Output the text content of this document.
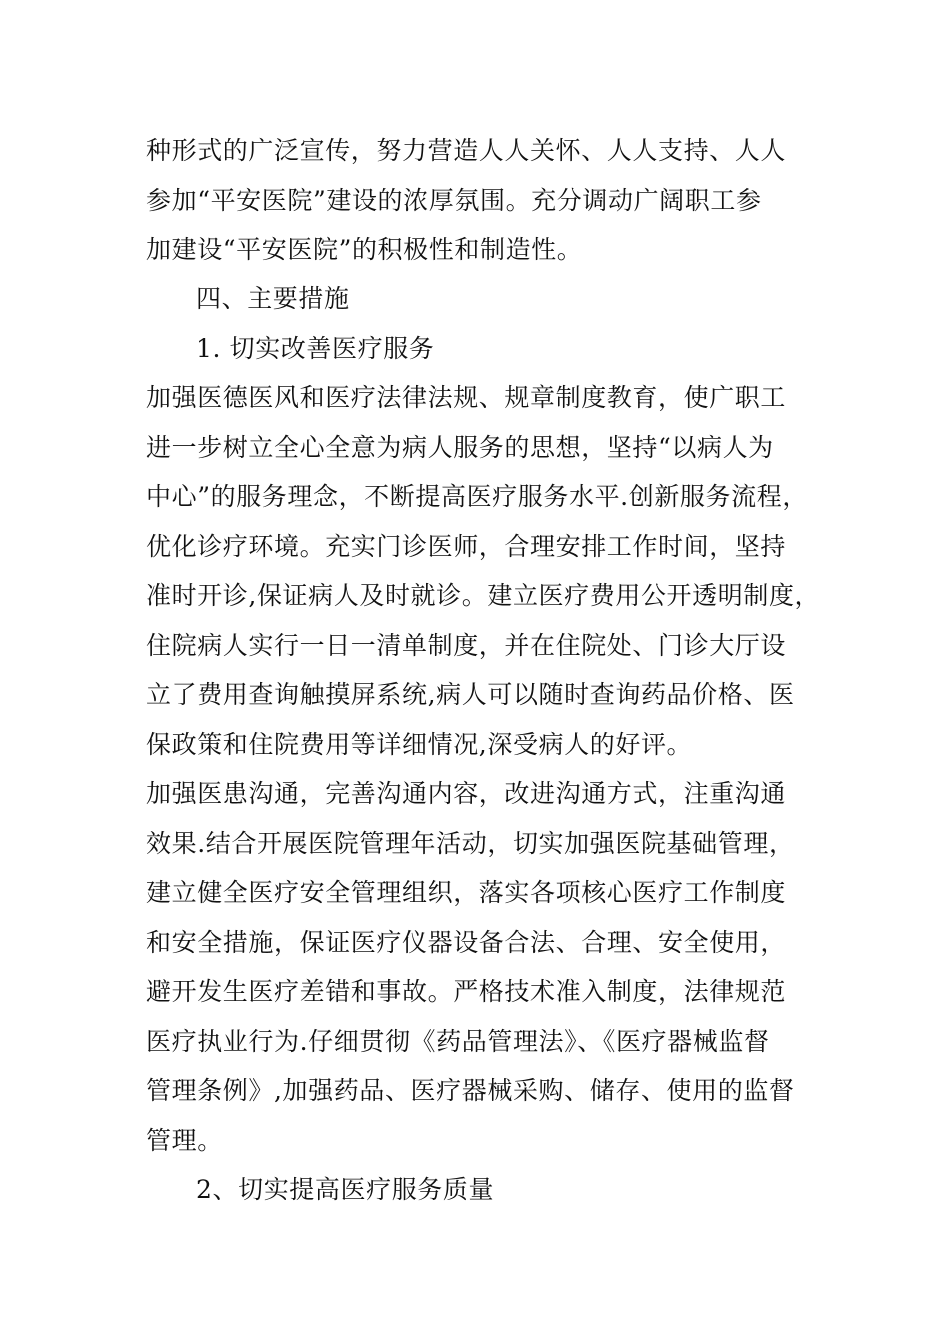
种形式的广泛宣传，努力营造人人关怀、人人支持、人人
参加“平安医院”建设的浓厚氛围。充分调动广阔职工参
加建设“平安医院”的积极性和制造性。
四、主要措施
1. 切实改善医疗服务
加强医德医风和医疗法律法规、规章制度教育，使广职工
进一步树立全心全意为病人服务的思想，坚持“以病人为
中心”的服务理念，不断提高医疗服务水平.创新服务流程，
优化诊疗环境。充实门诊医师，合理安排工作时间，坚持
准时开诊,保证病人及时就诊。建立医疗费用公开透明制度，
住院病人实行一日一清单制度，并在住院处、门诊大厅设
立了费用查询触摸屏系统,病人可以随时查询药品价格、医
保政策和住院费用等详细情况,深受病人的好评。
加强医患沟通，完善沟通内容，改进沟通方式，注重沟通
效果.结合开展医院管理年活动，切实加强医院基础管理，
建立健全医疗安全管理组织，落实各项核心医疗工作制度
和安全措施，保证医疗仪器设备合法、合理、安全使用，
避开发生医疗差错和事故。严格技术准入制度，法律规范
医疗执业行为.仔细贯彻《药品管理法》、《医疗器械监督
管理条例》,加强药品、医疗器械采购、储存、使用的监督
管理。
2、切实提高医疗服务质量
